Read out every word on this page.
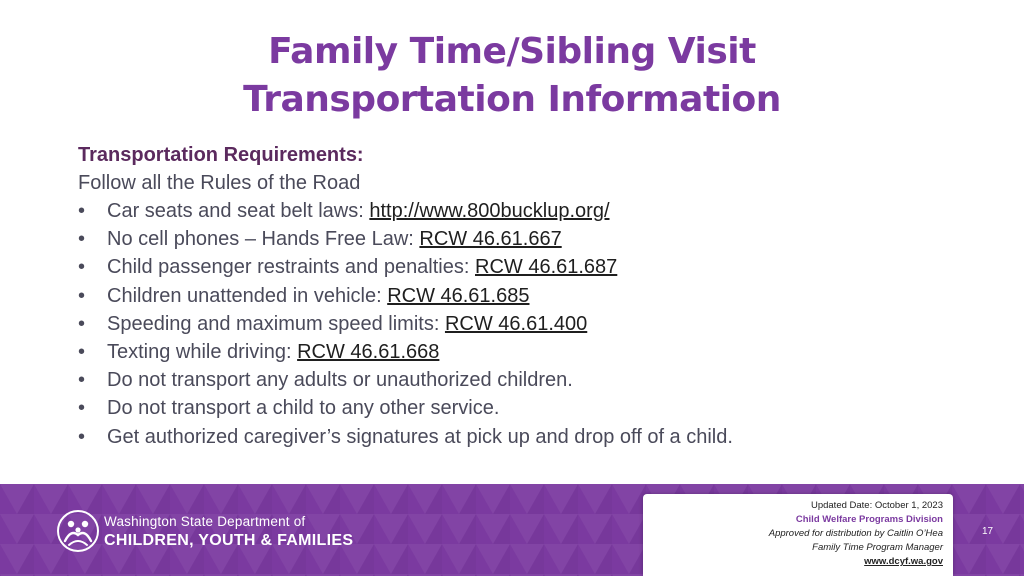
Family Time/Sibling Visit
Transportation Information
Transportation Requirements:
Follow all the Rules of the Road
• Car seats and seat belt laws: http://www.800bucklup.org/
• No cell phones – Hands Free Law: RCW 46.61.667
• Child passenger restraints and penalties: RCW 46.61.687
• Children unattended in vehicle: RCW 46.61.685
• Speeding and maximum speed limits: RCW 46.61.400
• Texting while driving: RCW 46.61.668
• Do not transport any adults or unauthorized children.
• Do not transport a child to any other service.
• Get authorized caregiver’s signatures at pick up and drop off of a child.
Washington State Department of
CHILDREN, YOUTH & FAMILIES
Updated Date: October 1, 2023
Child Welfare Programs Division
Approved for distribution by Caitlin O’Hea
Family Time Program Manager
www.dcyf.wa.gov
17
